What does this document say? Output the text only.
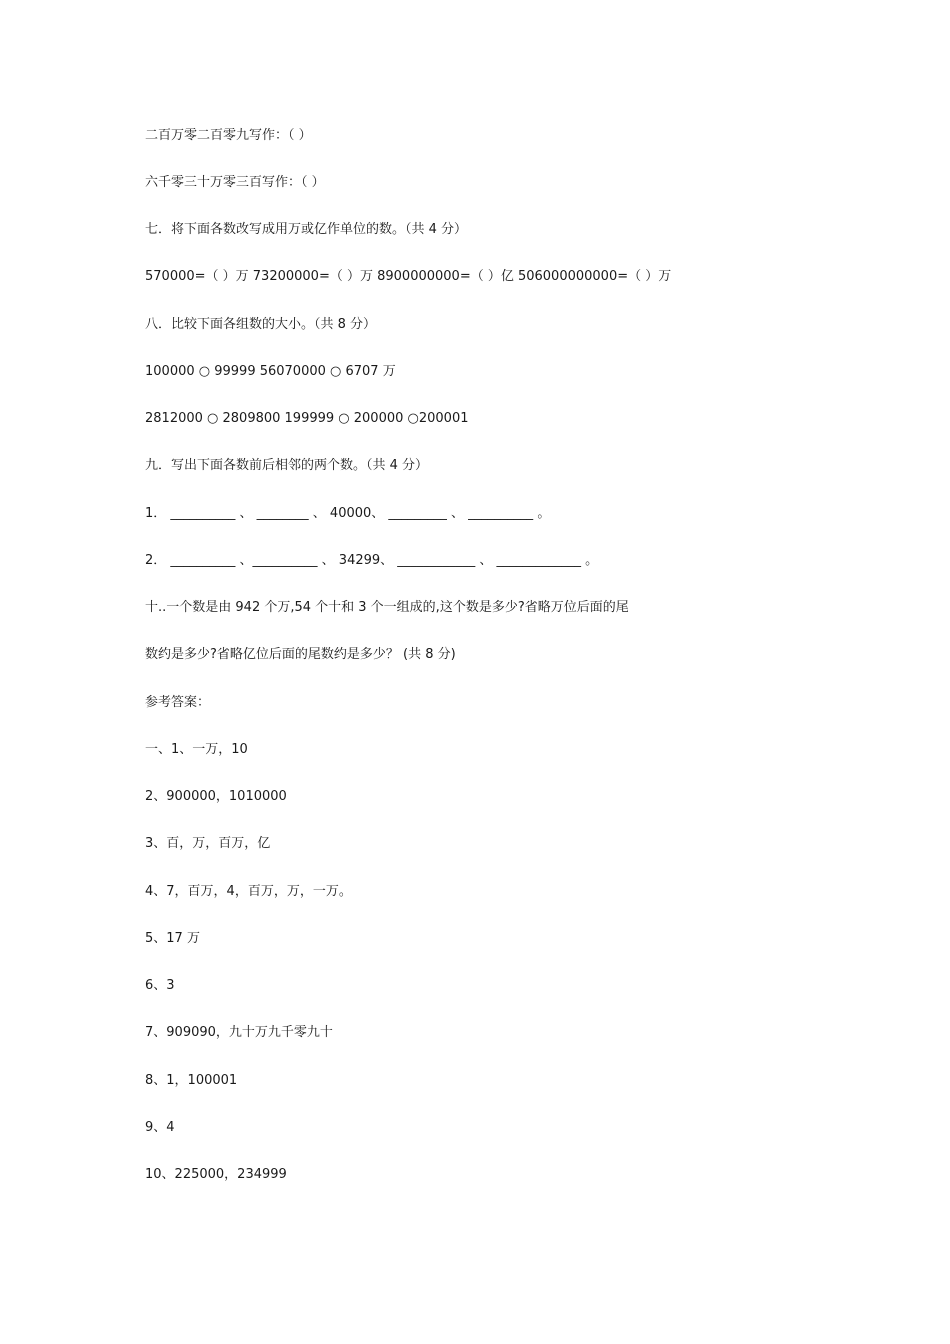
二百万零二百零九写作：（ ）
六千零三十万零三百写作：（ ）
七．将下面各数改写成用万或亿作单位的数。（共 4 分）
570000=（ ）万 73200000=（ ）万 8900000000=（ ）亿 506000000000=（ ）万
八．比较下面各组数的大小。（共 8 分）
100000 ○ 99999 56070000 ○ 6707 万
2812000 ○ 2809800 199999 ○ 200000 ○200001
九．写出下面各数前后相邻的两个数。（共 4 分）
1． __________ 、 ________ 、 40000、 _________ 、 __________ 。
2． __________ 、__________ 、 34299、 ____________ 、 _____________ 。
十..一个数是由 942 个万,54 个十和 3 个一组成的,这个数是多少?省略万位后面的尾
数约是多少?省略亿位后面的尾数约是多少？ (共 8 分)
参考答案：
一、1、一万，10
2、900000，1010000
3、百，万，百万，亿
4、7，百万，4，百万，万，一万。
5、17 万
6、3
7、909090，九十万九千零九十
8、1，100001
9、4
10、225000，234999
